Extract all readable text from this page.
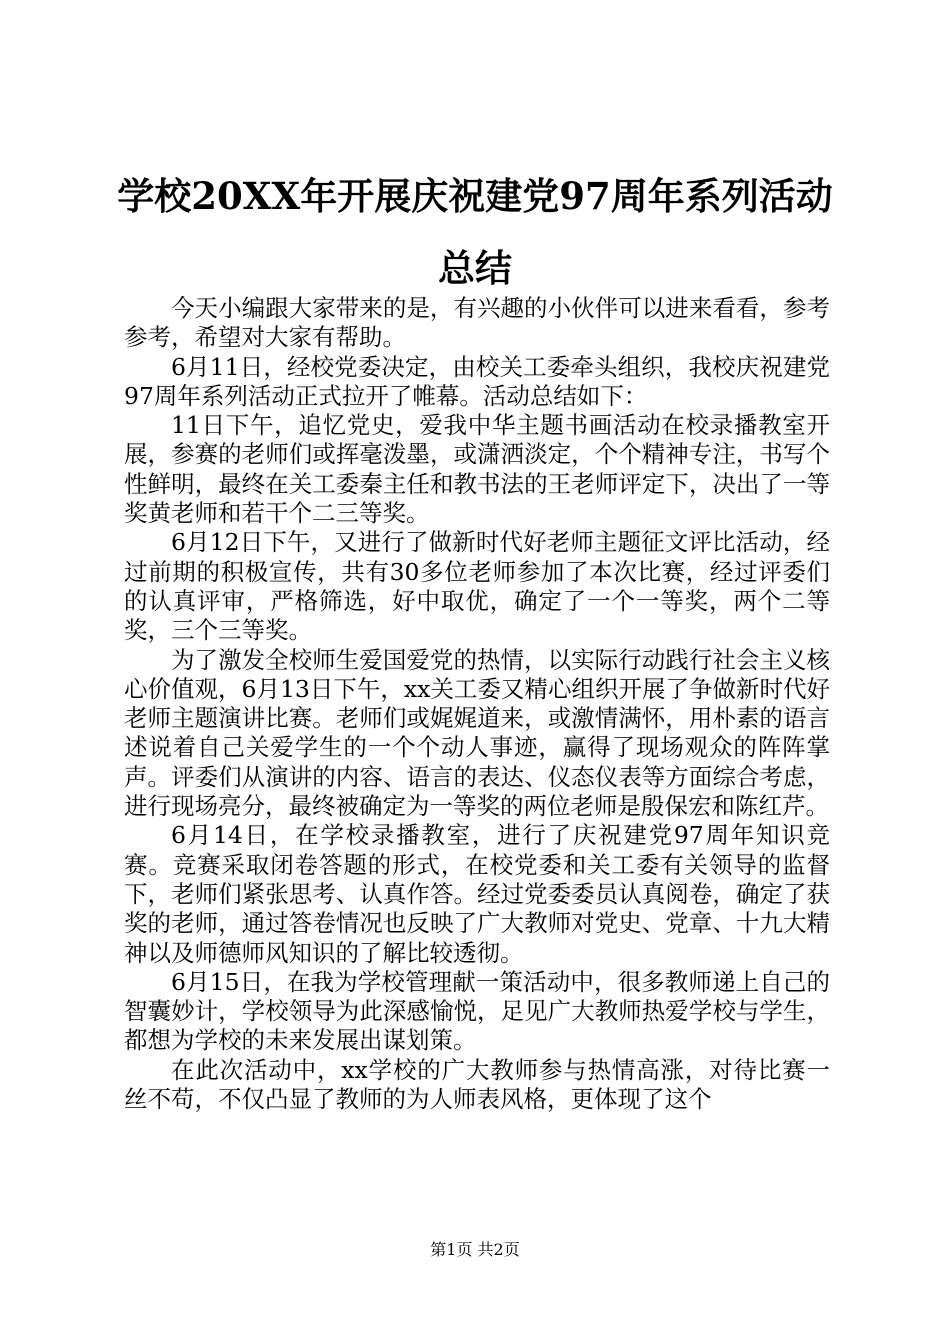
学校20XX年开展庆祝建党97周年系列活动总结

今天小编跟大家带来的是，有兴趣的小伙伴可以进来看看，参考参考，希望对大家有帮助。

6月11日，经校党委决定，由校关工委牵头组织，我校庆祝建党97周年系列活动正式拉开了帷幕。活动总结如下：

11日下午，追忆党史，爱我中华主题书画活动在校录播教室开展，参赛的老师们或挥毫泼墨，或潇洒淡定，个个精神专注，书写个性鲜明，最终在关工委秦主任和教书法的王老师评定下，决出了一等奖黄老师和若干个二三等奖。

6月12日下午，又进行了做新时代好老师主题征文评比活动，经过前期的积极宣传，共有30多位老师参加了本次比赛，经过评委们的认真评审，严格筛选，好中取优，确定了一个一等奖，两个二等奖，三个三等奖。

为了激发全校师生爱国爱党的热情，以实际行动践行社会主义核心价值观，6月13日下午，xx关工委又精心组织开展了争做新时代好老师主题演讲比赛。老师们或娓娓道来，或激情满怀，用朴素的语言述说着自己关爱学生的一个个动人事迹，赢得了现场观众的阵阵掌声。评委们从演讲的内容、语言的表达、仪态仪表等方面综合考虑，进行现场亮分，最终被确定为一等奖的两位老师是殷保宏和陈红芹。

6月14日，在学校录播教室，进行了庆祝建党97周年知识竞赛。竞赛采取闭卷答题的形式，在校党委和关工委有关领导的监督下，老师们紧张思考、认真作答。经过党委委员认真阅卷，确定了获奖的老师，通过答卷情况也反映了广大教师对党史、党章、十九大精神以及师德师风知识的了解比较透彻。

6月15日，在我为学校管理献一策活动中，很多教师递上自己的智囊妙计，学校领导为此深感愉悦，足见广大教师热爱学校与学生，都想为学校的未来发展出谋划策。

在此次活动中，xx学校的广大教师参与热情高涨，对待比赛一丝不苟，不仅凸显了教师的为人师表风格，更体现了这个

第1页 共2页
